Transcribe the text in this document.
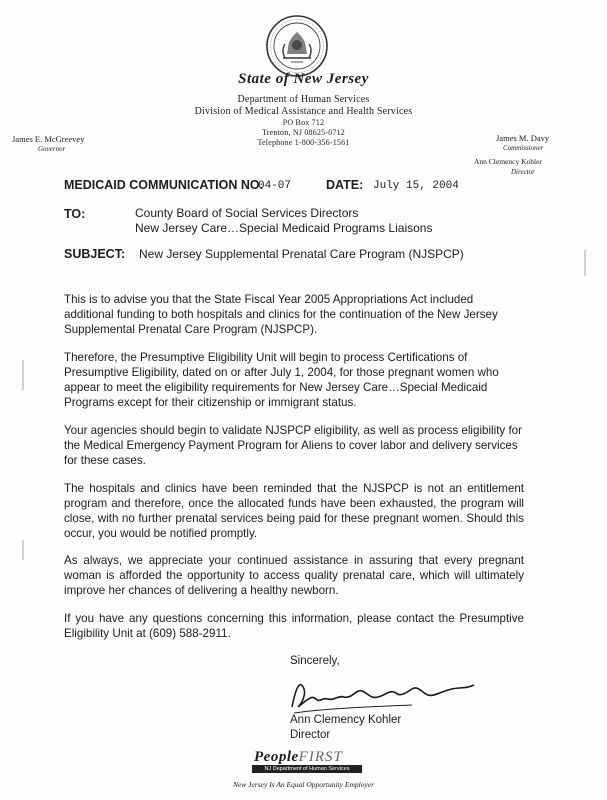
State of New Jersey
Department of Human Services
Division of Medical Assistance and Health Services
PO Box 712
Trenton, NJ 08625-0712
Telephone 1-800-356-1561
James E. McGreevey
Governor
James M. Davy
Commissioner
Ann Clemency Kohler
Director
MEDICAID COMMUNICATION NO.
04-07	DATE: July 15, 2004
TO:	County Board of Social Services Directors
New Jersey Care…Special Medicaid Programs Liaisons
SUBJECT: New Jersey Supplemental Prenatal Care Program (NJSPCP)
This is to advise you that the State Fiscal Year 2005 Appropriations Act included additional funding to both hospitals and clinics for the continuation of the New Jersey Supplemental Prenatal Care Program (NJSPCP).
Therefore, the Presumptive Eligibility Unit will begin to process Certifications of Presumptive Eligibility, dated on or after July 1, 2004, for those pregnant women who appear to meet the eligibility requirements for New Jersey Care…Special Medicaid Programs except for their citizenship or immigrant status.
Your agencies should begin to validate NJSPCP eligibility, as well as process eligibility for the Medical Emergency Payment Program for Aliens to cover labor and delivery services for these cases.
The hospitals and clinics have been reminded that the NJSPCP is not an entitlement program and therefore, once the allocated funds have been exhausted, the program will close, with no further prenatal services being paid for these pregnant women. Should this occur, you would be notified promptly.
As always, we appreciate your continued assistance in assuring that every pregnant woman is afforded the opportunity to access quality prenatal care, which will ultimately improve her chances of delivering a healthy newborn.
If you have any questions concerning this information, please contact the Presumptive Eligibility Unit at (609) 588-2911.
Sincerely,
Ann Clemency Kohler
Director
PeopleFIRST
NJ Department of Human Services
New Jersey Is An Equal Opportunity Employer
